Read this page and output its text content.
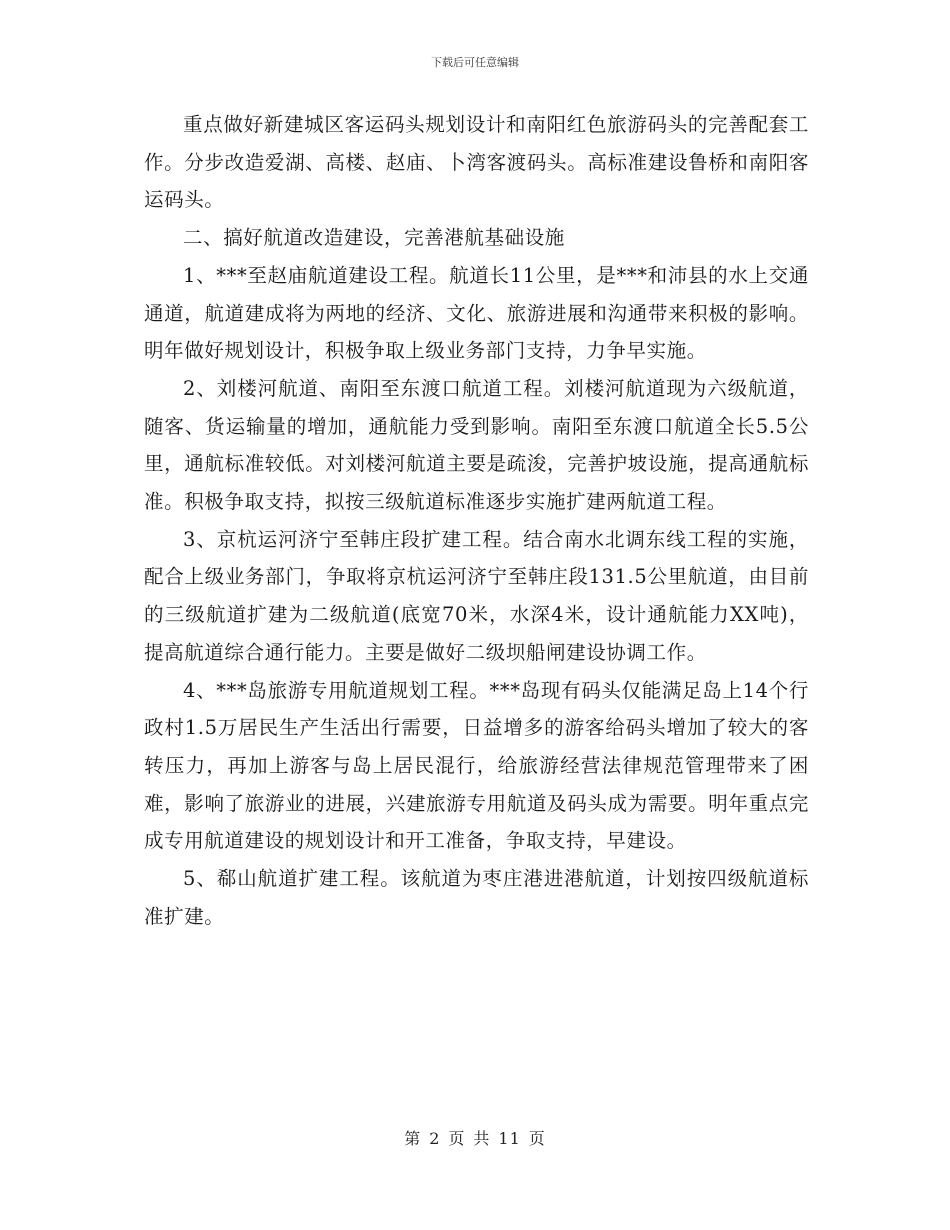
下载后可任意编辑

重点做好新建城区客运码头规划设计和南阳红色旅游码头的完善配套工作。分步改造爱湖、高楼、赵庙、卜湾客渡码头。高标准建设鲁桥和南阳客运码头。

二、搞好航道改造建设，完善港航基础设施

1、***至赵庙航道建设工程。航道长11公里，是***和沛县的水上交通通道，航道建成将为两地的经济、文化、旅游进展和沟通带来积极的影响。明年做好规划设计，积极争取上级业务部门支持，力争早实施。

2、刘楼河航道、南阳至东渡口航道工程。刘楼河航道现为六级航道，随客、货运输量的增加，通航能力受到影响。南阳至东渡口航道全长5.5公里，通航标准较低。对刘楼河航道主要是疏浚，完善护坡设施，提高通航标准。积极争取支持，拟按三级航道标准逐步实施扩建两航道工程。

3、京杭运河济宁至韩庄段扩建工程。结合南水北调东线工程的实施，配合上级业务部门，争取将京杭运河济宁至韩庄段131.5公里航道，由目前的三级航道扩建为二级航道(底宽70米，水深4米，设计通航能力XX吨)，提高航道综合通行能力。主要是做好二级坝船闸建设协调工作。

4、***岛旅游专用航道规划工程。***岛现有码头仅能满足岛上14个行政村1.5万居民生产生活出行需要，日益增多的游客给码头增加了较大的客转压力，再加上游客与岛上居民混行，给旅游经营法律规范管理带来了困难，影响了旅游业的进展，兴建旅游专用航道及码头成为需要。明年重点完成专用航道建设的规划设计和开工准备，争取支持，早建设。

5、郗山航道扩建工程。该航道为枣庄港进港航道，计划按四级航道标准扩建。

第 2 页 共 11 页
